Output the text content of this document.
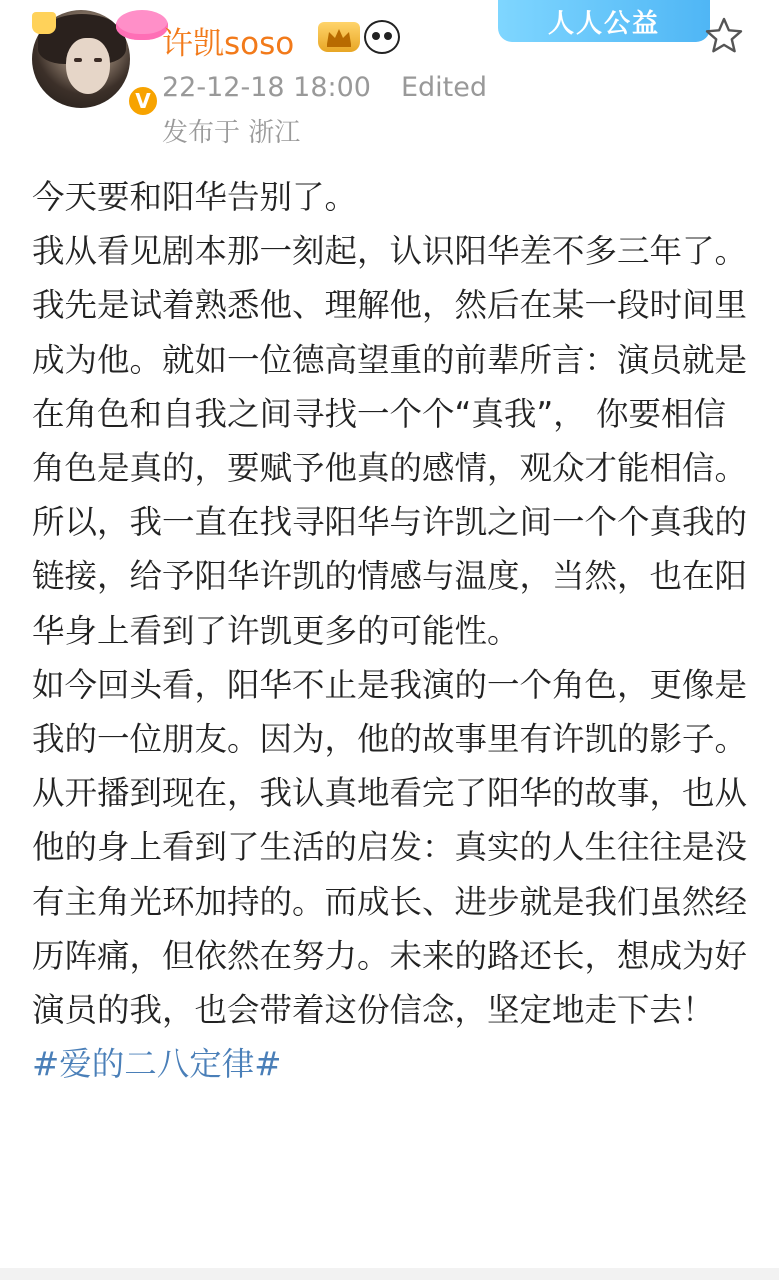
V
许凯soso
人人公益
22-12-18 18:00 Edited
发布于 浙江

今天要和阳华告别了。

我从看见剧本那一刻起，认识阳华差不多三年了。我先是试着熟悉他、理解他，然后在某一段时间里成为他。就如一位德高望重的前辈所言：演员就是在角色和自我之间寻找一个个“真我”， 你要相信角色是真的，要赋予他真的感情，观众才能相信。 所以，我一直在找寻阳华与许凯之间一个个真我的链接，给予阳华许凯的情感与温度，当然，也在阳华身上看到了许凯更多的可能性。

如今回头看，阳华不止是我演的一个角色，更像是我的一位朋友。因为，他的故事里有许凯的影子。从开播到现在，我认真地看完了阳华的故事，也从他的身上看到了生活的启发：真实的人生往往是没有主角光环加持的。而成长、进步就是我们虽然经历阵痛，但依然在努力。未来的路还长，想成为好演员的我，也会带着这份信念，坚定地走下去！

#爱的二八定律#
